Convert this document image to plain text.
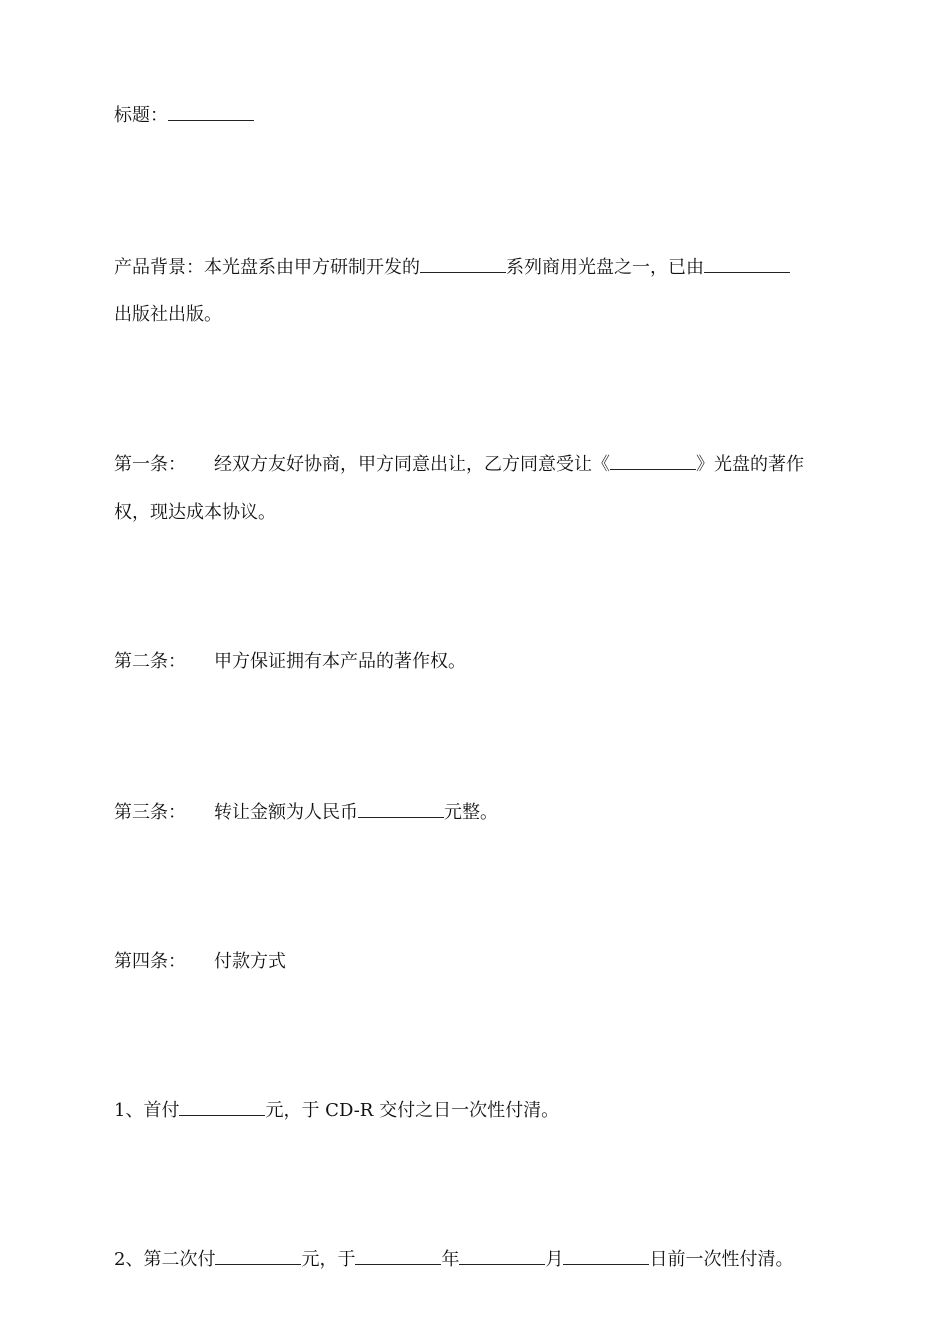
标题：
产品背景：本光盘系由甲方研制开发的	系列商用光盘之一，已由
出版社出版。
第一条： 经双方友好协商，甲方同意出让，乙方同意受让《	》光盘的著作
权，现达成本协议。
第二条： 甲方保证拥有本产品的著作权。
第三条： 转让金额为人民币	元整。
第四条： 付款方式
1、首付	元，于 CD-R 交付之日一次性付清。
2、第二次付	元，于	年	月	日前一次性付清。
